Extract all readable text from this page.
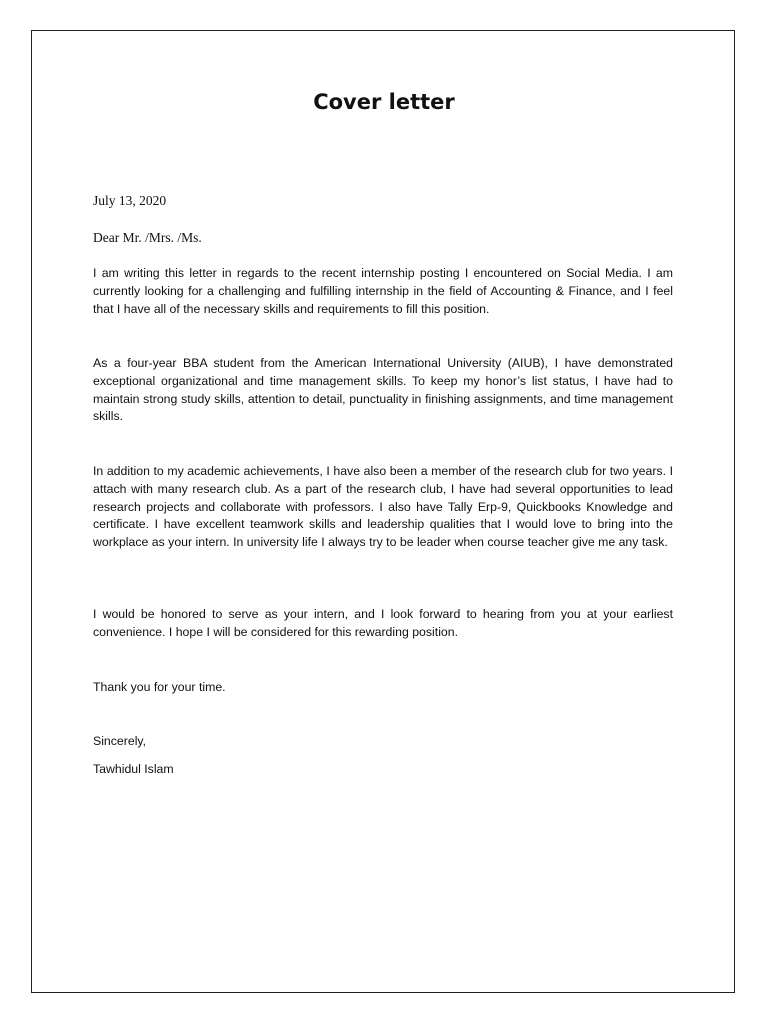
Cover letter

July 13, 2020

Dear Mr. /Mrs. /Ms.

I am writing this letter in regards to the recent internship posting I encountered on Social Media. I am currently looking for a challenging and fulfilling internship in the field of Accounting & Finance, and I feel that I have all of the necessary skills and requirements to fill this position.

As a four-year BBA student from the American International University (AIUB), I have demonstrated exceptional organizational and time management skills. To keep my honor’s list status, I have had to maintain strong study skills, attention to detail, punctuality in finishing assignments, and time management skills.

In addition to my academic achievements, I have also been a member of the research club for two years. I attach with many research club. As a part of the research club, I have had several opportunities to lead research projects and collaborate with professors. I also have Tally Erp-9, Quickbooks Knowledge and certificate. I have excellent teamwork skills and leadership qualities that I would love to bring into the workplace as your intern. In university life I always try to be leader when course teacher give me any task.

I would be honored to serve as your intern, and I look forward to hearing from you at your earliest convenience. I hope I will be considered for this rewarding position.

Thank you for your time.

Sincerely,

Tawhidul Islam
